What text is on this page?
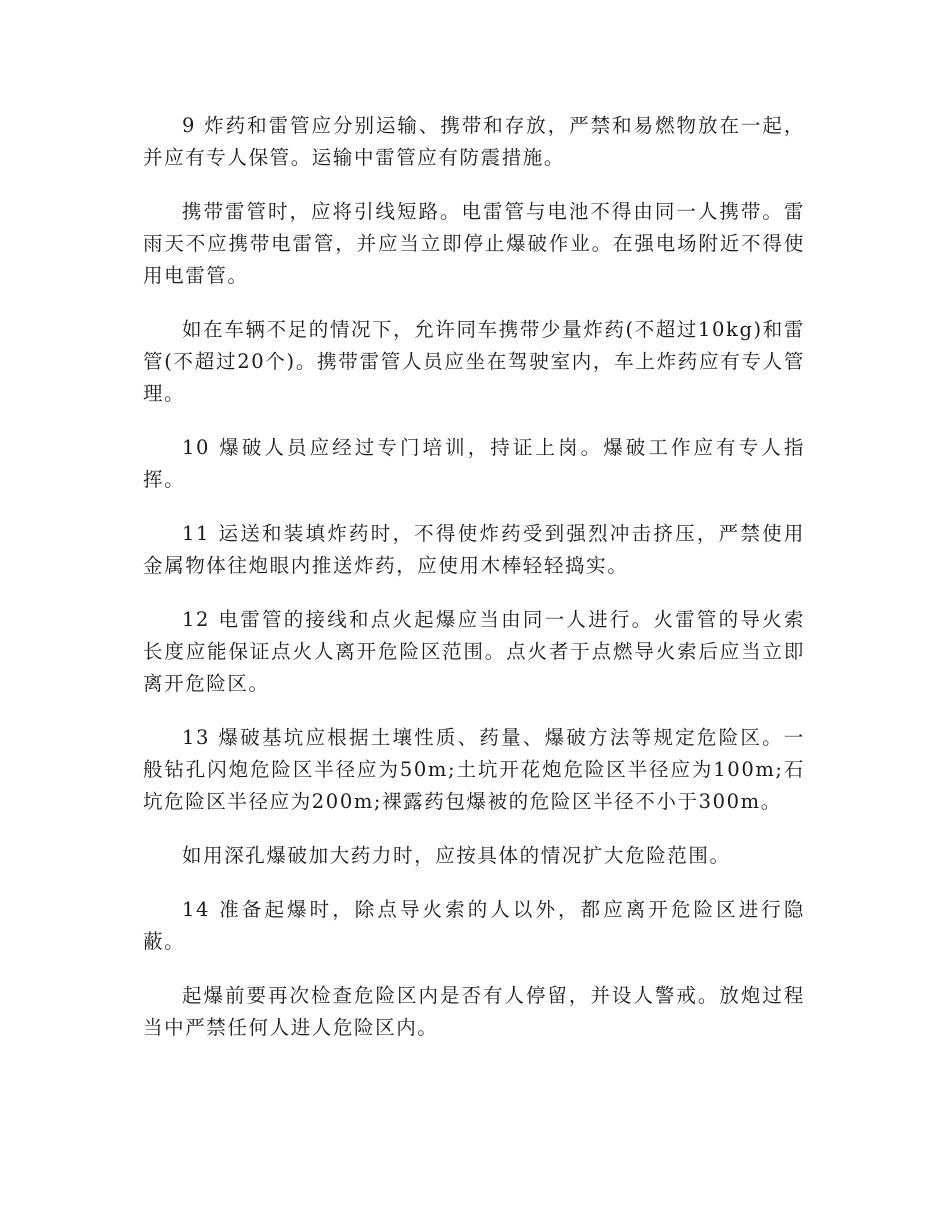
9 炸药和雷管应分别运输、携带和存放，严禁和易燃物放在一起，并应有专人保管。运输中雷管应有防震措施。

携带雷管时，应将引线短路。电雷管与电池不得由同一人携带。雷雨天不应携带电雷管，并应当立即停止爆破作业。在强电场附近不得使用电雷管。

如在车辆不足的情况下，允许同车携带少量炸药(不超过10kg)和雷管(不超过20个)。携带雷管人员应坐在驾驶室内，车上炸药应有专人管理。

10 爆破人员应经过专门培训，持证上岗。爆破工作应有专人指挥。

11 运送和装填炸药时，不得使炸药受到强烈冲击挤压，严禁使用金属物体往炮眼内推送炸药，应使用木棒轻轻捣实。

12 电雷管的接线和点火起爆应当由同一人进行。火雷管的导火索长度应能保证点火人离开危险区范围。点火者于点燃导火索后应当立即离开危险区。

13 爆破基坑应根据土壤性质、药量、爆破方法等规定危险区。一般钻孔闪炮危险区半径应为50m;土坑开花炮危险区半径应为100m;石坑危险区半径应为200m;裸露药包爆被的危险区半径不小于300m。

如用深孔爆破加大药力时，应按具体的情况扩大危险范围。

14 准备起爆时，除点导火索的人以外，都应离开危险区进行隐蔽。

起爆前要再次检查危险区内是否有人停留，并设人警戒。放炮过程当中严禁任何人进人危险区内。
